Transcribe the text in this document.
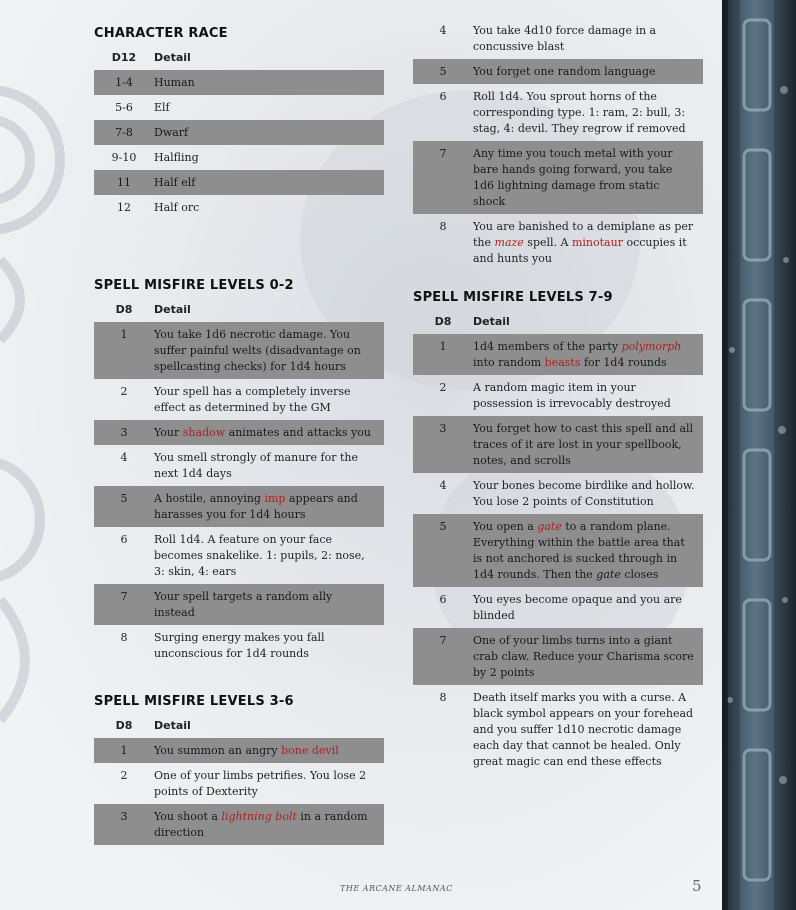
CHARACTER RACE
D12	Detail
1-4	Human
5-6	Elf
7-8	Dwarf
9-10	Halfling
11	Half elf
12	Half orc
SPELL MISFIRE LEVELS 0-2
D8	Detail
1	You take 1d6 necrotic damage. You suffer painful welts (disadvantage on spellcasting checks) for 1d4 hours
2	Your spell has a completely inverse effect as determined by the GM
3	Your shadow animates and attacks you
4	You smell strongly of manure for the next 1d4 days
5	A hostile, annoying imp appears and harasses you for 1d4 hours
6	Roll 1d4. A feature on your face becomes snakelike. 1: pupils, 2: nose, 3: skin, 4: ears
7	Your spell targets a random ally instead
8	Surging energy makes you fall unconscious for 1d4 rounds
SPELL MISFIRE LEVELS 3-6
D8	Detail
1	You summon an angry bone devil
2	One of your limbs petrifies. You lose 2 points of Dexterity
3	You shoot a lightning bolt in a random direction
4	You take 4d10 force damage in a concussive blast
5	You forget one random language
6	Roll 1d4. You sprout horns of the corresponding type. 1: ram, 2: bull, 3: stag, 4: devil. They regrow if removed
7	Any time you touch metal with your bare hands going forward, you take 1d6 lightning damage from static shock
8	You are banished to a demiplane as per the maze spell. A minotaur occupies it and hunts you
SPELL MISFIRE LEVELS 7-9
D8	Detail
1	1d4 members of the party polymorph into random beasts for 1d4 rounds
2	A random magic item in your possession is irrevocably destroyed
3	You forget how to cast this spell and all traces of it are lost in your spellbook, notes, and scrolls
4	Your bones become birdlike and hollow. You lose 2 points of Constitution
5	You open a gate to a random plane. Everything within the battle area that is not anchored is sucked through in 1d4 rounds. Then the gate closes
6	You eyes become opaque and you are blinded
7	One of your limbs turns into a giant crab claw. Reduce your Charisma score by 2 points
8	Death itself marks you with a curse. A black symbol appears on your forehead and you suffer 1d10 necrotic damage each day that cannot be healed. Only great magic can end these effects
THE ARCANE ALMANAC	5
